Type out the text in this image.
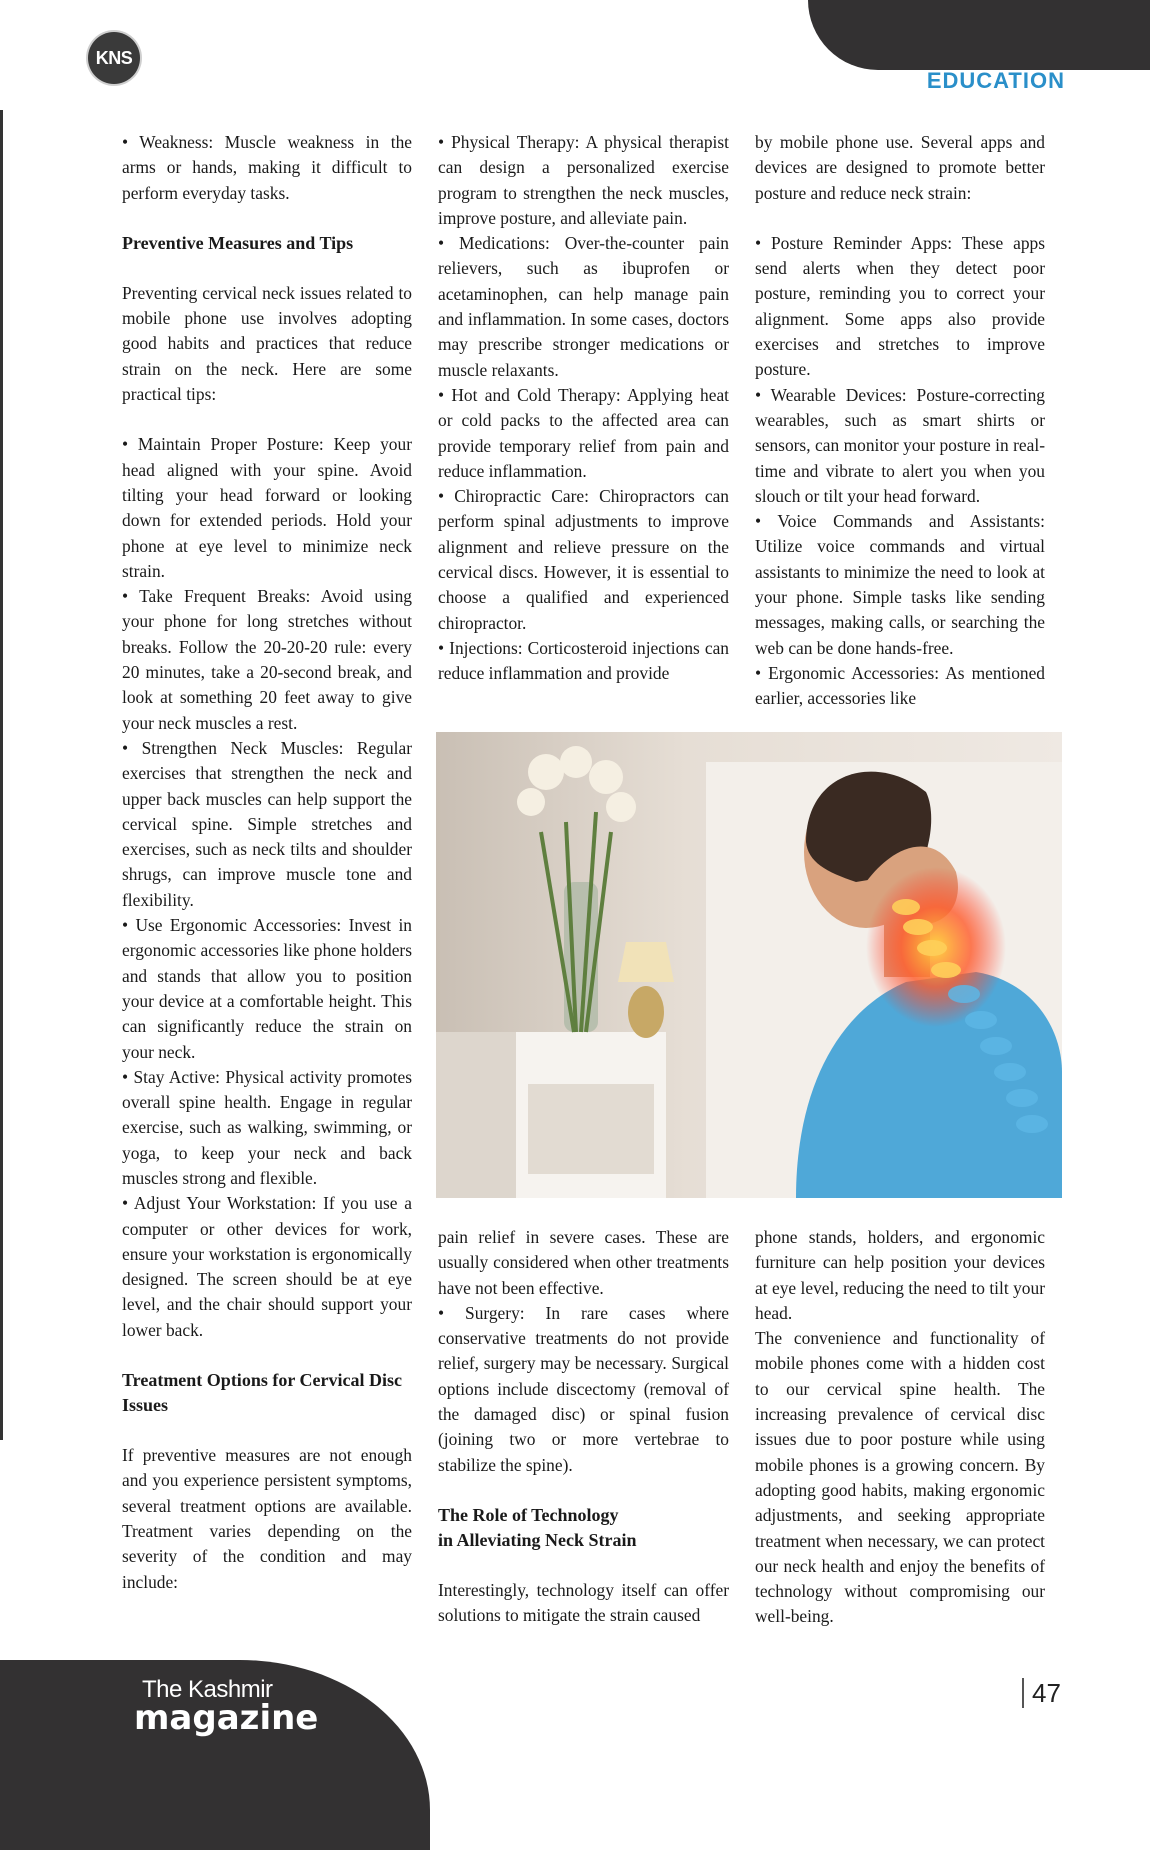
KNS
EDUCATION

• Weakness: Muscle weakness in the arms or hands, making it difficult to perform everyday tasks.

Preventive Measures and Tips

Preventing cervical neck issues related to mobile phone use involves adopting good habits and practices that reduce strain on the neck. Here are some practical tips:

• Maintain Proper Posture: Keep your head aligned with your spine. Avoid tilting your head forward or looking down for extended periods. Hold your phone at eye level to minimize neck strain.

• Take Frequent Breaks: Avoid using your phone for long stretches without breaks. Follow the 20-20-20 rule: every 20 minutes, take a 20-second break, and look at something 20 feet away to give your neck muscles a rest.

• Strengthen Neck Muscles: Regular exercises that strengthen the neck and upper back muscles can help support the cervical spine. Simple stretches and exercises, such as neck tilts and shoulder shrugs, can improve muscle tone and flexibility.

• Use Ergonomic Accessories: Invest in ergonomic accessories like phone holders and stands that allow you to position your device at a comfortable height. This can significantly reduce the strain on your neck.

• Stay Active: Physical activity promotes overall spine health. Engage in regular exercise, such as walking, swimming, or yoga, to keep your neck and back muscles strong and flexible.

• Adjust Your Workstation: If you use a computer or other devices for work, ensure your workstation is ergonomically designed. The screen should be at eye level, and the chair should support your lower back.

Treatment Options for Cervical Disc Issues

If preventive measures are not enough and you experience persistent symptoms, several treatment options are available. Treatment varies depending on the severity of the condition and may include:

• Physical Therapy: A physical therapist can design a personalized exercise program to strengthen the neck muscles, improve posture, and alleviate pain.

• Medications: Over-the-counter pain relievers, such as ibuprofen or acetaminophen, can help manage pain and inflammation. In some cases, doctors may prescribe stronger medications or muscle relaxants.

• Hot and Cold Therapy: Applying heat or cold packs to the affected area can provide temporary relief from pain and reduce inflammation.

• Chiropractic Care: Chiropractors can perform spinal adjustments to improve alignment and relieve pressure on the cervical discs. However, it is essential to choose a qualified and experienced chiropractor.

• Injections: Corticosteroid injections can reduce inflammation and provide

by mobile phone use. Several apps and devices are designed to promote better posture and reduce neck strain:

• Posture Reminder Apps: These apps send alerts when they detect poor posture, reminding you to correct your alignment. Some apps also provide exercises and stretches to improve posture.

• Wearable Devices: Posture-correcting wearables, such as smart shirts or sensors, can monitor your posture in real-time and vibrate to alert you when you slouch or tilt your head forward.

• Voice Commands and Assistants: Utilize voice commands and virtual assistants to minimize the need to look at your phone. Simple tasks like sending messages, making calls, or searching the web can be done hands-free.

• Ergonomic Accessories: As mentioned earlier, accessories like

pain relief in severe cases. These are usually considered when other treatments have not been effective.

• Surgery: In rare cases where conservative treatments do not provide relief, surgery may be necessary. Surgical options include discectomy (removal of the damaged disc) or spinal fusion (joining two or more vertebrae to stabilize the spine).

The Role of Technology
in Alleviating Neck Strain

Interestingly, technology itself can offer solutions to mitigate the strain caused

phone stands, holders, and ergonomic furniture can help position your devices at eye level, reducing the need to tilt your head.

The convenience and functionality of mobile phones come with a hidden cost to our cervical spine health. The increasing prevalence of cervical disc issues due to poor posture while using mobile phones is a growing concern. By adopting good habits, making ergonomic adjustments, and seeking appropriate treatment when necessary, we can protect our neck health and enjoy the benefits of technology without compromising our well-being.

The Kashmir
magazine
47
